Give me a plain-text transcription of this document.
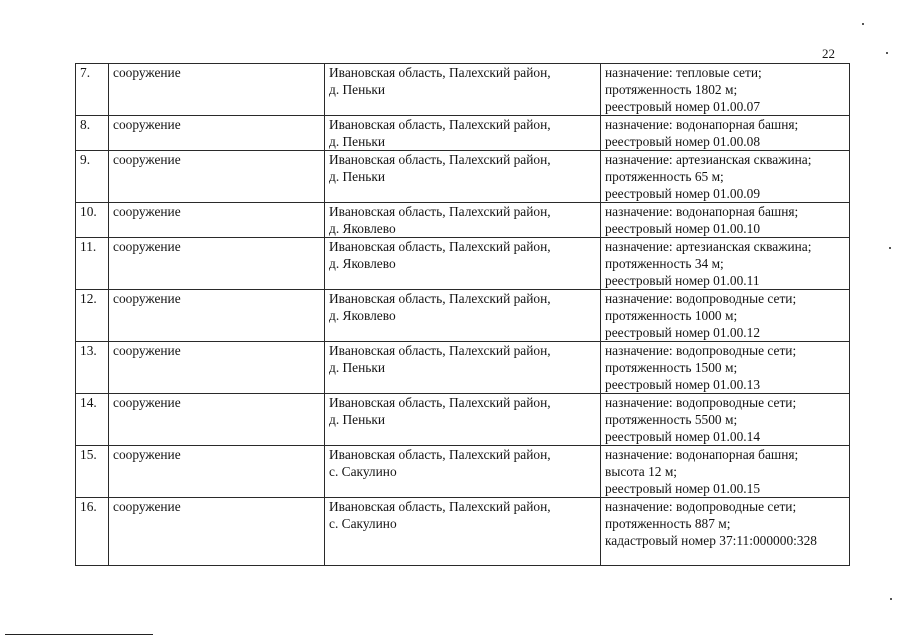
22
7.	сооружение	Ивановская область, Палехский район,
д. Пеньки	назначение: тепловые сети;
протяженность 1802 м;
реестровый номер 01.00.07

8.	сооружение	Ивановская область, Палехский район,
д. Пеньки	назначение: водонапорная башня;
реестровый номер 01.00.08

9.	сооружение	Ивановская область, Палехский район,
д. Пеньки	назначение: артезианская скважина;
протяженность 65 м;
реестровый номер 01.00.09

10.	сооружение	Ивановская область, Палехский район,
д. Яковлево	назначение: водонапорная башня;
реестровый номер 01.00.10

11.	сооружение	Ивановская область, Палехский район,
д. Яковлево	назначение: артезианская скважина;
протяженность 34 м;
реестровый номер 01.00.11

12.	сооружение	Ивановская область, Палехский район,
д. Яковлево	назначение: водопроводные сети;
протяженность 1000 м;
реестровый номер 01.00.12

13.	сооружение	Ивановская область, Палехский район,
д. Пеньки	назначение: водопроводные сети;
протяженность 1500 м;
реестровый номер 01.00.13

14.	сооружение	Ивановская область, Палехский район,
д. Пеньки	назначение: водопроводные сети;
протяженность 5500 м;
реестровый номер 01.00.14

15.	сооружение	Ивановская область, Палехский район,
с. Сакулино	назначение: водонапорная башня;
высота 12 м;
реестровый номер 01.00.15

16.	сооружение	Ивановская область, Палехский район,
с. Сакулино	назначение: водопроводные сети;
протяженность 887 м;
кадастровый номер 37:11:000000:328
